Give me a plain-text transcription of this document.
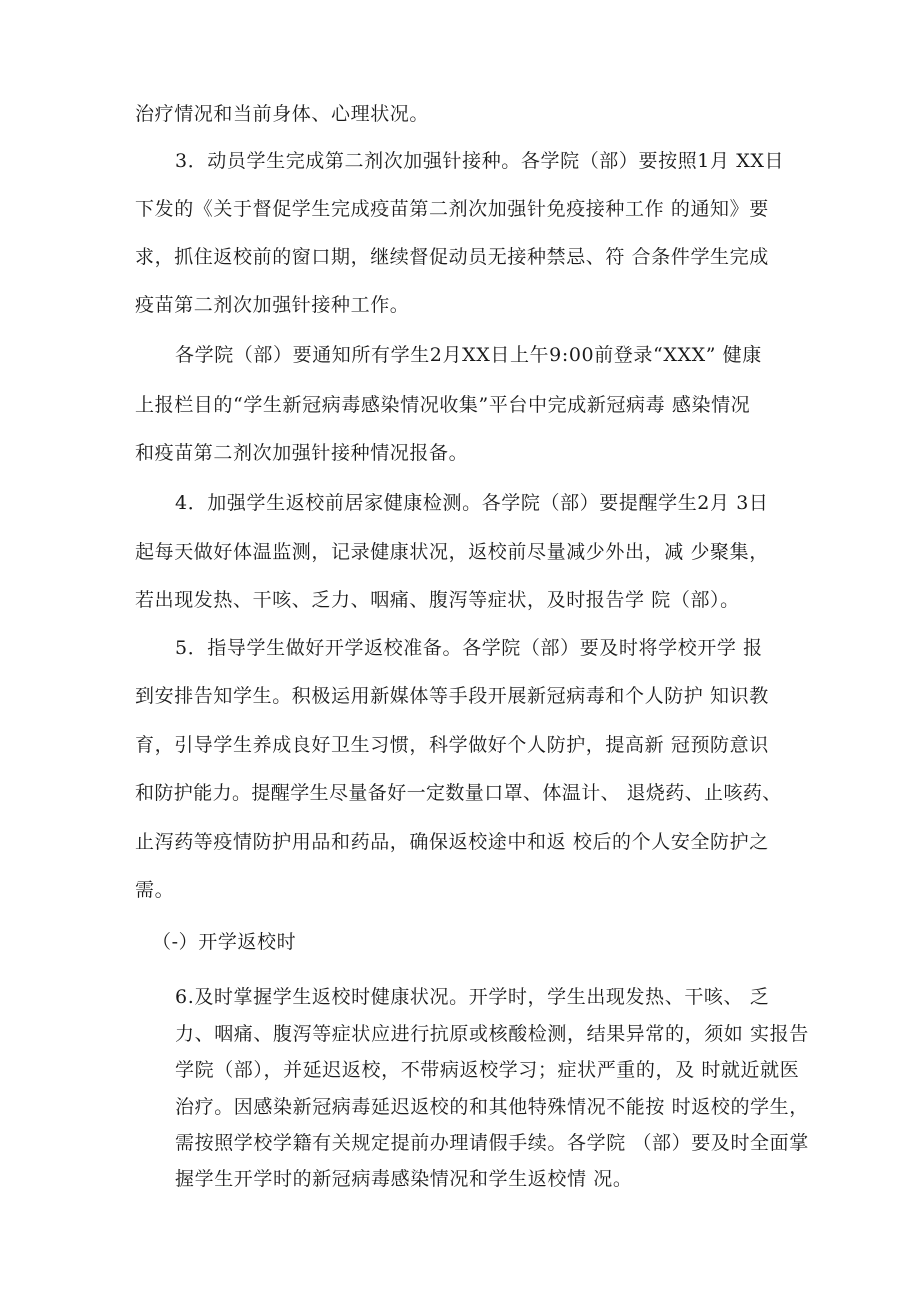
治疗情况和当前身体、心理状况。

3．动员学生完成第二剂次加强针接种。各学院（部）要按照1月 XX日

下发的《关于督促学生完成疫苗第二剂次加强针免疫接种工作 的通知》要

求，抓住返校前的窗口期，继续督促动员无接种禁忌、符 合条件学生完成

疫苗第二剂次加强针接种工作。

各学院（部）要通知所有学生2月XX日上午9:00前登录“XXX” 健康

上报栏目的“学生新冠病毒感染情况收集”平台中完成新冠病毒 感染情况

和疫苗第二剂次加强针接种情况报备。

4．加强学生返校前居家健康检测。各学院（部）要提醒学生2月 3日

起每天做好体温监测，记录健康状况，返校前尽量减少外出，减 少聚集，

若出现发热、干咳、乏力、咽痛、腹泻等症状，及时报告学 院（部）。

5．指导学生做好开学返校准备。各学院（部）要及时将学校开学 报

到安排告知学生。积极运用新媒体等手段开展新冠病毒和个人防护 知识教

育，引导学生养成良好卫生习惯，科学做好个人防护，提高新 冠预防意识

和防护能力。提醒学生尽量备好一定数量口罩、体温计、 退烧药、止咳药、

止泻药等疫情防护用品和药品，确保返校途中和返 校后的个人安全防护之

需。

（-）开学返校时

6.及时掌握学生返校时健康状况。开学时，学生出现发热、干咳、 乏

力、咽痛、腹泻等症状应进行抗原或核酸检测，结果异常的，须如 实报告

学院（部），并延迟返校，不带病返校学习；症状严重的，及 时就近就医

治疗。因感染新冠病毒延迟返校的和其他特殊情况不能按 时返校的学生，

需按照学校学籍有关规定提前办理请假手续。各学院 （部）要及时全面掌

握学生开学时的新冠病毒感染情况和学生返校情 况。
